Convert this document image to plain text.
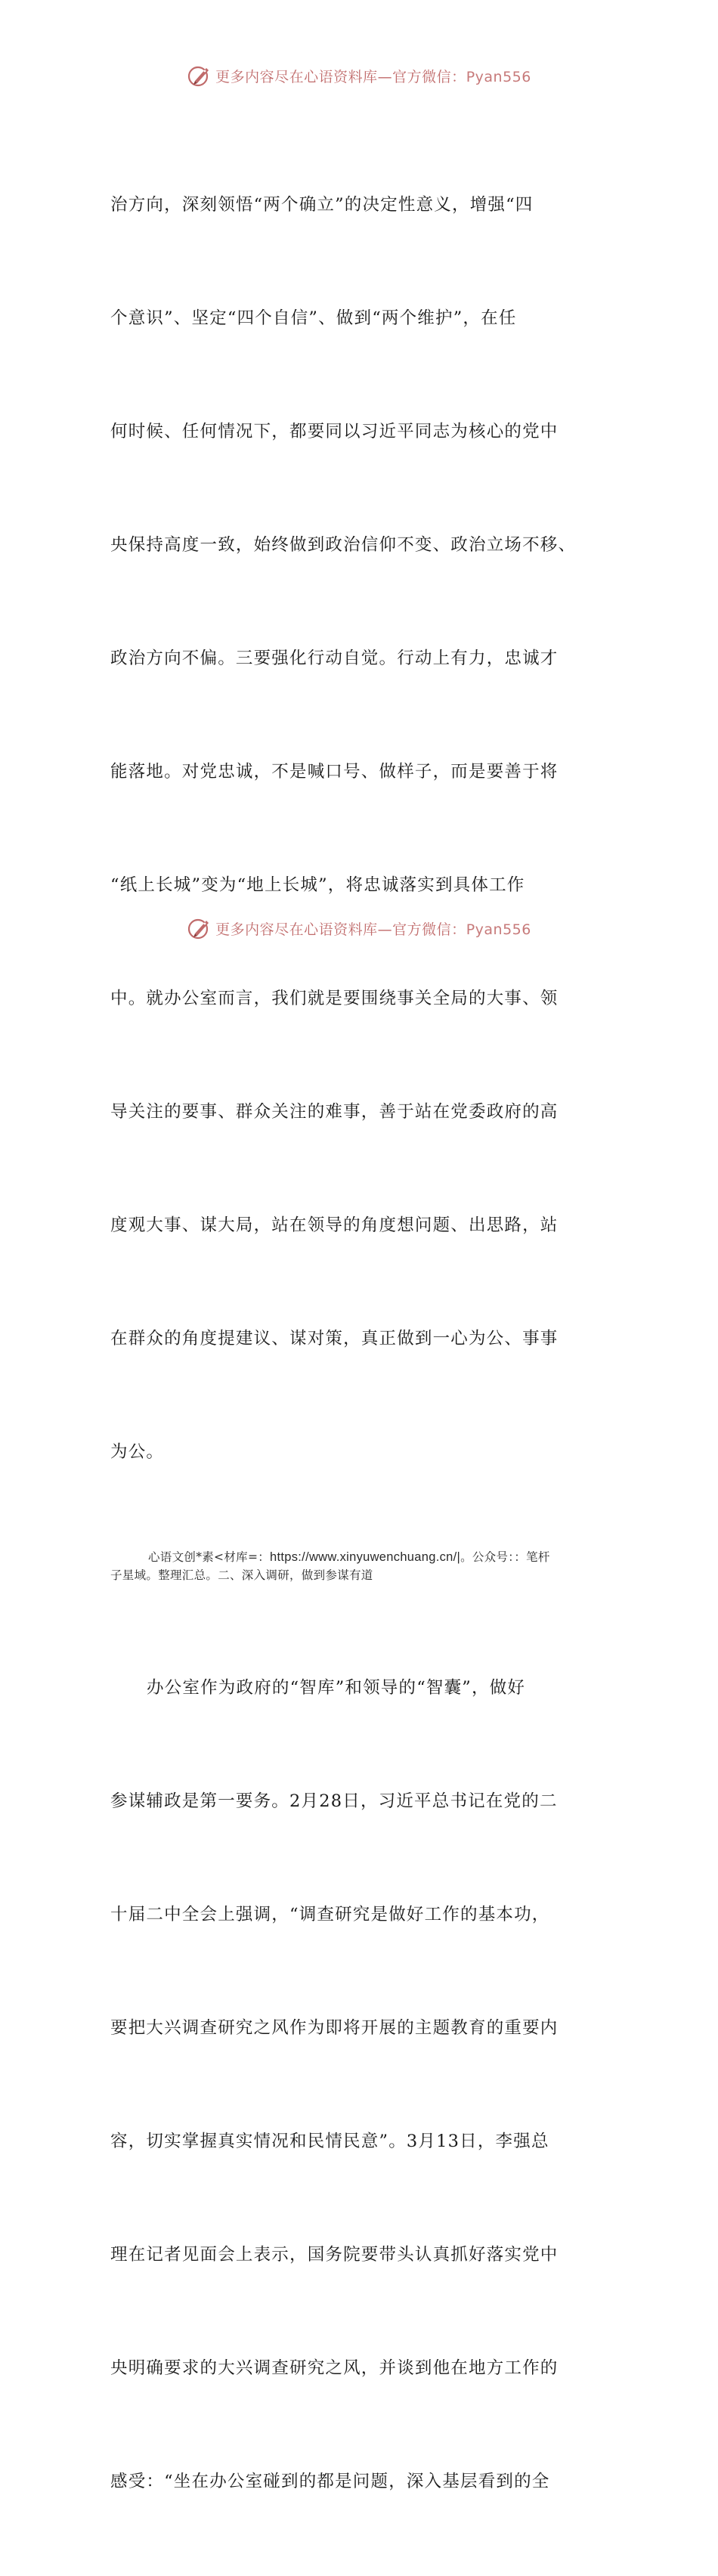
更多内容尽在心语资料库—官方微信：Pyan556

治方向，深刻领悟“两个确立”的决定性意义，增强“四

个意识”、坚定“四个自信”、做到“两个维护”，在任

何时候、任何情况下，都要同以习近平同志为核心的党中

央保持高度一致，始终做到政治信仰不变、政治立场不移、

政治方向不偏。三要强化行动自觉。行动上有力，忠诚才

能落地。对党忠诚，不是喊口号、做样子，而是要善于将

“纸上长城”变为“地上长城”，将忠诚落实到具体工作

中。就办公室而言，我们就是要围绕事关全局的大事、领

导关注的要事、群众关注的难事，善于站在党委政府的高

度观大事、谋大局，站在领导的角度想问题、出思路，站

在群众的角度提建议、谋对策，真正做到一心为公、事事

为公。

心语文创*素<材库=：https://www.xinyuwenchuang.cn/|。公众号：：笔杆
子星域。整理汇总。二、深入调研，做到参谋有道

办公室作为政府的“智库”和领导的“智囊”，做好

参谋辅政是第一要务。2月28日，习近平总书记在党的二

十届二中全会上强调，“调查研究是做好工作的基本功，

要把大兴调查研究之风作为即将开展的主题教育的重要内

容，切实掌握真实情况和民情民意”。3月13日，李强总

理在记者见面会上表示，国务院要带头认真抓好落实党中

央明确要求的大兴调查研究之风，并谈到他在地方工作的

感受：“坐在办公室碰到的都是问题，深入基层看到的全

更多内容尽在心语资料库—官方微信：Pyan556
